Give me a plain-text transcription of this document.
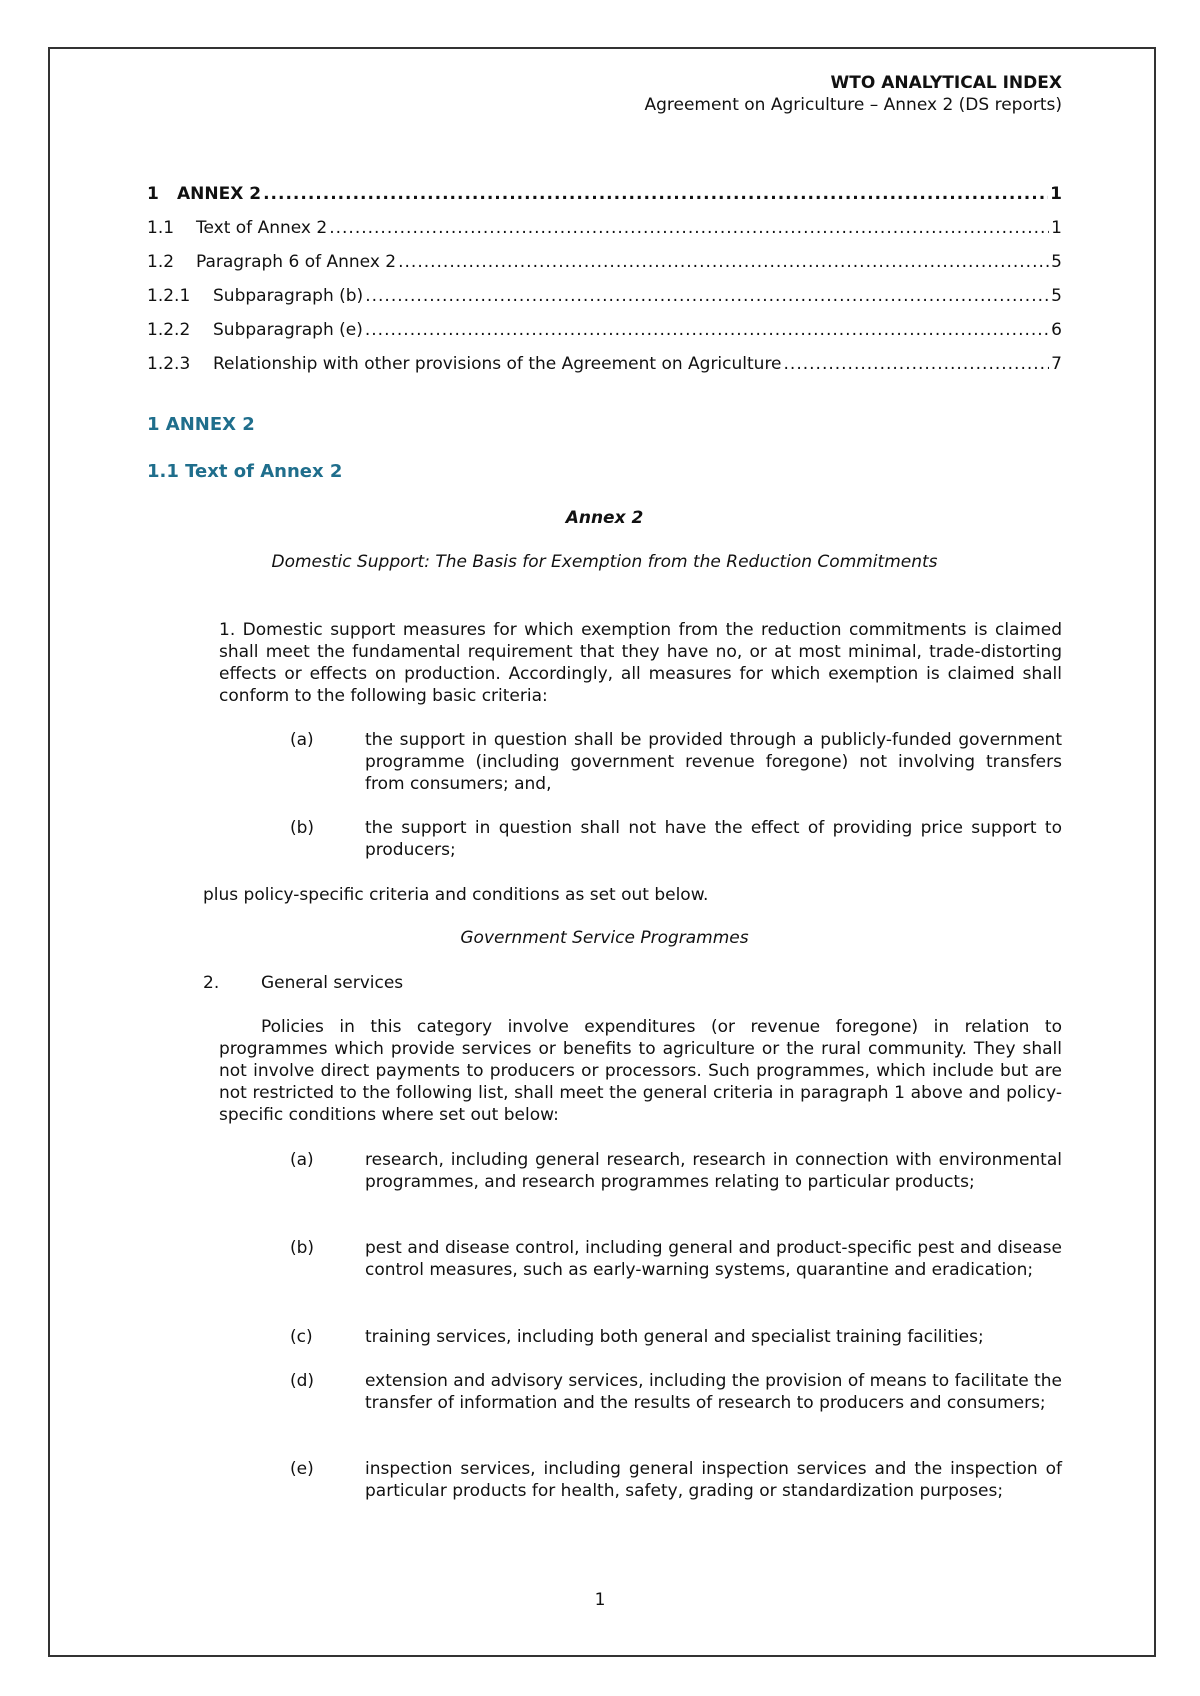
WTO ANALYTICAL INDEX
Agreement on Agriculture – Annex 2 (DS reports)
1	ANNEX 2 .....	1
1.1	Text of Annex 2 .....	1
1.2	Paragraph 6 of Annex 2 .....	5
1.2.1	Subparagraph (b) .....	5
1.2.2	Subparagraph (e) .....	6
1.2.3	Relationship with other provisions of the Agreement on Agriculture .....	7
1 ANNEX 2
1.1 Text of Annex 2
Annex 2
Domestic Support: The Basis for Exemption from the Reduction Commitments
1. Domestic support measures for which exemption from the reduction commitments is claimed shall meet the fundamental requirement that they have no, or at most minimal, trade-distorting effects or effects on production. Accordingly, all measures for which exemption is claimed shall conform to the following basic criteria:
(a)	the support in question shall be provided through a publicly-funded government programme (including government revenue foregone) not involving transfers from consumers; and,
(b)	the support in question shall not have the effect of providing price support to producers;
plus policy-specific criteria and conditions as set out below.
Government Service Programmes
2. General services
Policies in this category involve expenditures (or revenue foregone) in relation to programmes which provide services or benefits to agriculture or the rural community. They shall not involve direct payments to producers or processors. Such programmes, which include but are not restricted to the following list, shall meet the general criteria in paragraph 1 above and policy-specific conditions where set out below:
(a)	research, including general research, research in connection with environmental programmes, and research programmes relating to particular products;
(b)	pest and disease control, including general and product-specific pest and disease control measures, such as early-warning systems, quarantine and eradication;
(c)	training services, including both general and specialist training facilities;
(d)	extension and advisory services, including the provision of means to facilitate the transfer of information and the results of research to producers and consumers;
(e)	inspection services, including general inspection services and the inspection of particular products for health, safety, grading or standardization purposes;
1
